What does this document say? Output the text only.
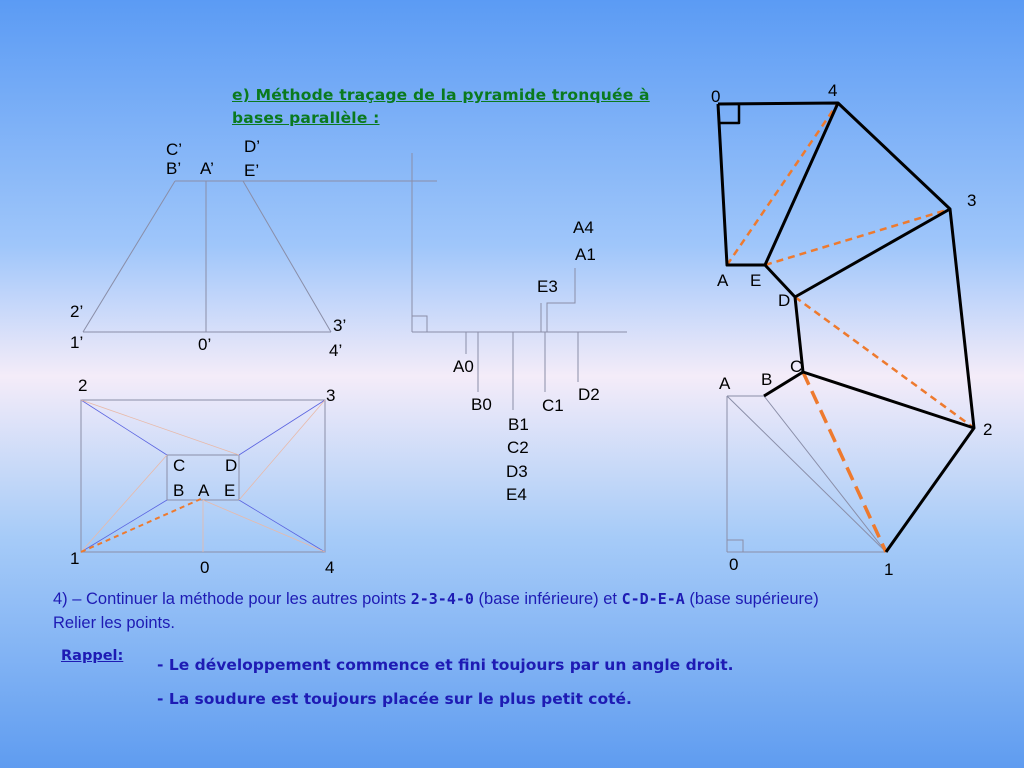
C’
B’ A’
D’
E’
2’
1’	0’
3’
4’
2
3
1	0	4
C D
B A E
A4
A1
E3
A0
B0
B1
C2
D3
E4
C1
D2
0	4
3
A E
D
C
A B
2
0	1
e) Méthode traçage de la pyramide tronquée à
bases parallèle :
4) – Continuer la méthode pour les autres points 2-3-4-0 (base inférieure) et C-D-E-A (base supérieure)
Relier les points.
Rappel: - Le développement commence et fini toujours par un angle droit.
- La soudure est toujours placée sur le plus petit coté.
